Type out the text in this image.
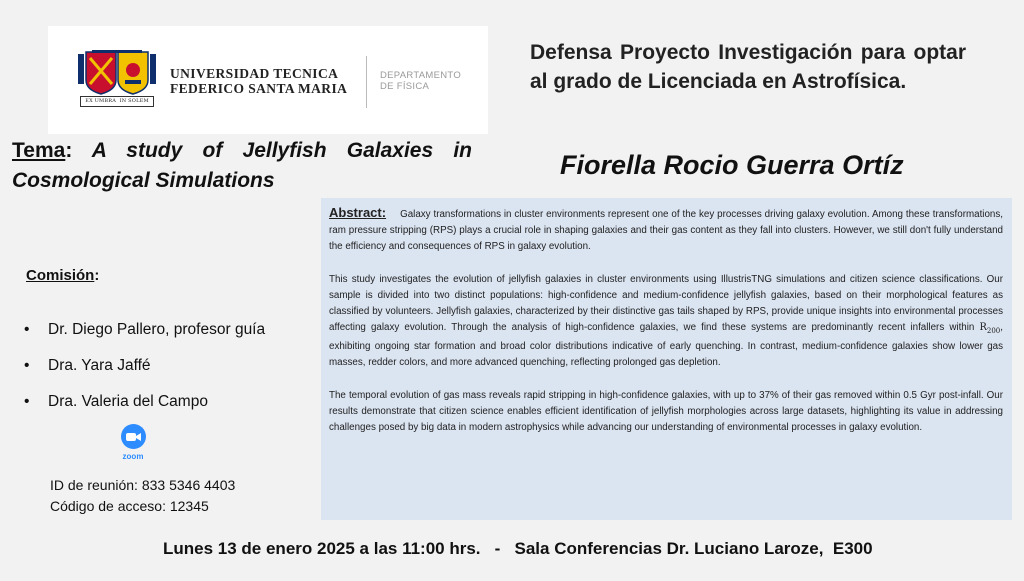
EX UMBRA IN SOLEM
UNIVERSIDAD TECNICA
FEDERICO SANTA MARIA
DEPARTAMENTO
DE FÍSICA
Defensa Proyecto Investigación para optar al grado de Licenciada en Astrofísica.
Tema: A study of Jellyfish Galaxies in Cosmological Simulations
Fiorella Rocio Guerra Ortíz

Abstract: Galaxy transformations in cluster environments represent one of the key processes driving galaxy evolution. Among these transformations, ram pressure stripping (RPS) plays a crucial role in shaping galaxies and their gas content as they fall into clusters. However, we still don't fully understand the efficiency and consequences of RPS in galaxy evolution.

This study investigates the evolution of jellyfish galaxies in cluster environments using IllustrisTNG simulations and citizen science classifications. Our sample is divided into two distinct populations: high-confidence and medium-confidence jellyfish galaxies, based on their morphological features as classified by volunteers. Jellyfish galaxies, characterized by their distinctive gas tails shaped by RPS, provide unique insights into environmental processes affecting galaxy evolution. Through the analysis of high-confidence galaxies, we find these systems are predominantly recent infallers within $R_{200}$, exhibiting ongoing star formation and broad color distributions indicative of early quenching. In contrast, medium-confidence galaxies show lower gas masses, redder colors, and more advanced quenching, reflecting prolonged gas depletion.

The temporal evolution of gas mass reveals rapid stripping in high-confidence galaxies, with up to 37% of their gas removed within 0.5 Gyr post-infall. Our results demonstrate that citizen science enables efficient identification of jellyfish morphologies across large datasets, highlighting its value in addressing challenges posed by big data in modern astrophysics while advancing our understanding of environmental processes in galaxy evolution.

Comisión:
• Dr. Diego Pallero, profesor guía
• Dra. Yara Jaffé
• Dra. Valeria del Campo
zoom
ID de reunión: 833 5346 4403
Código de acceso: 12345
Lunes 13 de enero 2025 a las 11:00 hrs.   -   Sala Conferencias Dr. Luciano Laroze,  E300
